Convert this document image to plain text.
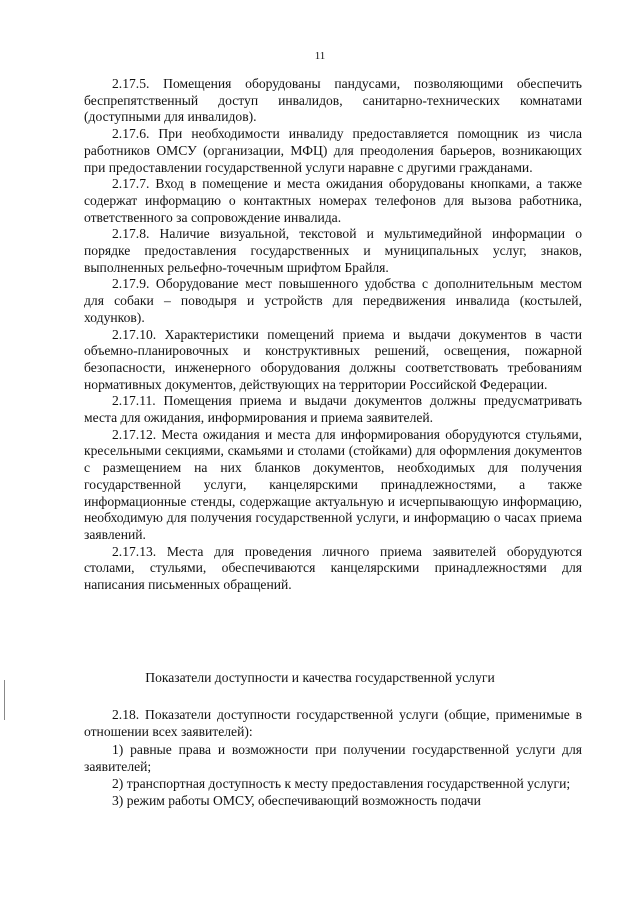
11

2.17.5. Помещения оборудованы пандусами, позволяющими обеспечить беспрепятственный доступ инвалидов, санитарно-технических комнатами (доступными для инвалидов).

2.17.6. При необходимости инвалиду предоставляется помощник из числа работников ОМСУ (организации, МФЦ) для преодоления барьеров, возникающих при предоставлении государственной услуги наравне с другими гражданами.

2.17.7. Вход в помещение и места ожидания оборудованы кнопками, а также содержат информацию о контактных номерах телефонов для вызова работника, ответственного за сопровождение инвалида.

2.17.8. Наличие визуальной, текстовой и мультимедийной информации о порядке предоставления государственных и муниципальных услуг, знаков, выполненных рельефно-точечным шрифтом Брайля.

2.17.9. Оборудование мест повышенного удобства с дополнительным местом для собаки – поводыря и устройств для передвижения инвалида (костылей, ходунков).

2.17.10. Характеристики помещений приема и выдачи документов в части объемно-планировочных и конструктивных решений, освещения, пожарной безопасности, инженерного оборудования должны соответствовать требованиям нормативных документов, действующих на территории Российской Федерации.

2.17.11. Помещения приема и выдачи документов должны предусматривать места для ожидания, информирования и приема заявителей.

2.17.12. Места ожидания и места для информирования оборудуются стульями, кресельными секциями, скамьями и столами (стойками) для оформления документов с размещением на них бланков документов, необходимых для получения государственной услуги, канцелярскими принадлежностями, а также информационные стенды, содержащие актуальную и исчерпывающую информацию, необходимую для получения государственной услуги, и информацию о часах приема заявлений.

2.17.13. Места для проведения личного приема заявителей оборудуются столами, стульями, обеспечиваются канцелярскими принадлежностями для написания письменных обращений.

Показатели доступности и качества государственной услуги

2.18. Показатели доступности государственной услуги (общие, применимые в отношении всех заявителей):

1) равные права и возможности при получении государственной услуги для заявителей;

2) транспортная доступность к месту предоставления государственной услуги;

3) режим работы ОМСУ, обеспечивающий возможность подачи
